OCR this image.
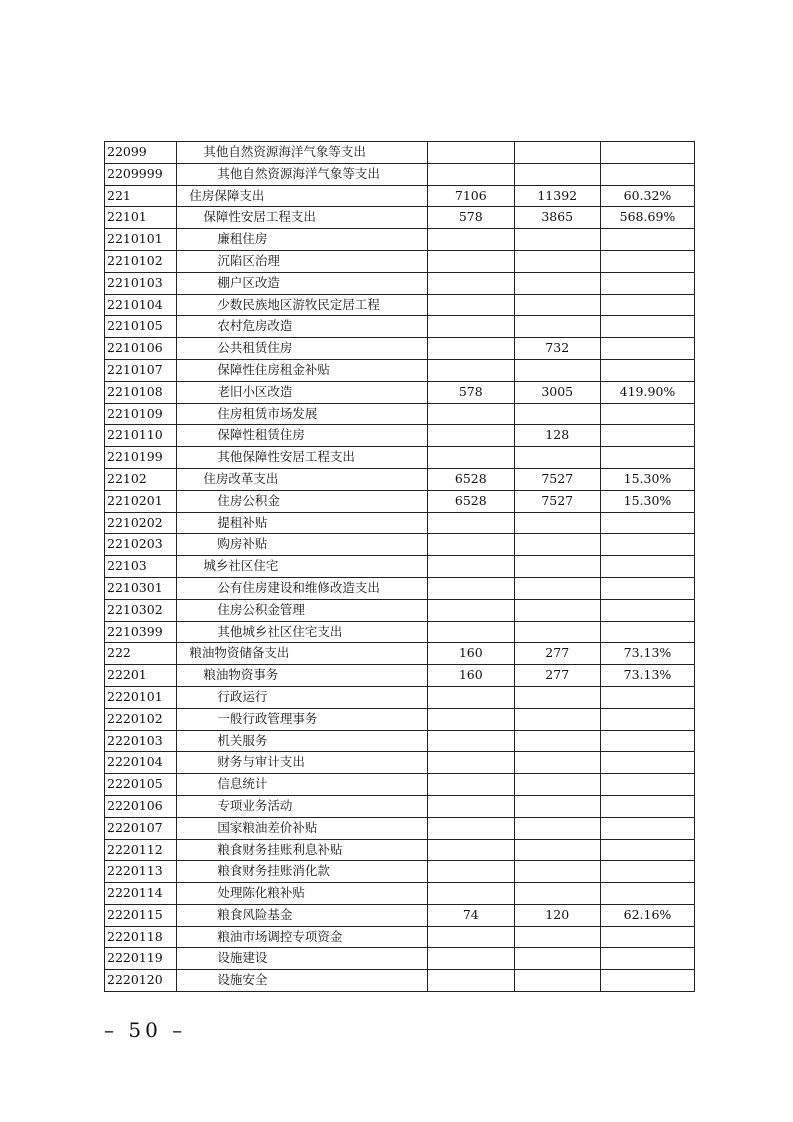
22099	其他自然资源海洋气象等支出			
2209999	其他自然资源海洋气象等支出			
221	住房保障支出	7106	11392	60.32%
22101	保障性安居工程支出	578	3865	568.69%
2210101	廉租住房			
2210102	沉陷区治理			
2210103	棚户区改造			
2210104	少数民族地区游牧民定居工程			
2210105	农村危房改造			
2210106	公共租赁住房		732	
2210107	保障性住房租金补贴			
2210108	老旧小区改造	578	3005	419.90%
2210109	住房租赁市场发展			
2210110	保障性租赁住房		128	
2210199	其他保障性安居工程支出			
22102	住房改革支出	6528	7527	15.30%
2210201	住房公积金	6528	7527	15.30%
2210202	提租补贴			
2210203	购房补贴			
22103	城乡社区住宅			
2210301	公有住房建设和维修改造支出			
2210302	住房公积金管理			
2210399	其他城乡社区住宅支出			
222	粮油物资储备支出	160	277	73.13%
22201	粮油物资事务	160	277	73.13%
2220101	行政运行			
2220102	一般行政管理事务			
2220103	机关服务			
2220104	财务与审计支出			
2220105	信息统计			
2220106	专项业务活动			
2220107	国家粮油差价补贴			
2220112	粮食财务挂账利息补贴			
2220113	粮食财务挂账消化款			
2220114	处理陈化粮补贴			
2220115	粮食风险基金	74	120	62.16%
2220118	粮油市场调控专项资金			
2220119	设施建设			
2220120	设施安全			
– 50 –
